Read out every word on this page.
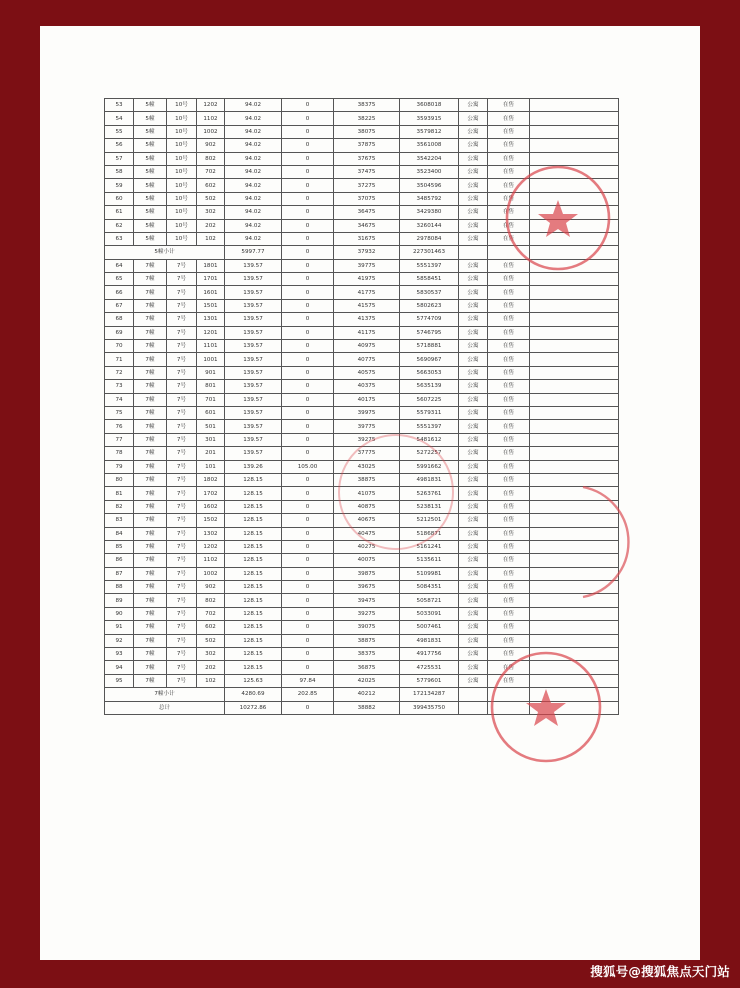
53	5幢	10号	1202	94.02	0	38375	3608018	公寓	在售	
54	5幢	10号	1102	94.02	0	38225	3593915	公寓	在售	
55	5幢	10号	1002	94.02	0	38075	3579812	公寓	在售	
56	5幢	10号	902	94.02	0	37875	3561008	公寓	在售	
57	5幢	10号	802	94.02	0	37675	3542204	公寓	在售	
58	5幢	10号	702	94.02	0	37475	3523400	公寓	在售	
59	5幢	10号	602	94.02	0	37275	3504596	公寓	在售	
60	5幢	10号	502	94.02	0	37075	3485792	公寓	在售	
61	5幢	10号	302	94.02	0	36475	3429380	公寓	在售	
62	5幢	10号	202	94.02	0	34675	3260144	公寓	在售	
63	5幢	10号	102	94.02	0	31675	2978084	公寓	在售	
5幢小计				5997.77	0	37932	227301463			
64	7幢	7号	1801	139.57	0	39775	5551397	公寓	在售	
65	7幢	7号	1701	139.57	0	41975	5858451	公寓	在售	
66	7幢	7号	1601	139.57	0	41775	5830537	公寓	在售	
67	7幢	7号	1501	139.57	0	41575	5802623	公寓	在售	
68	7幢	7号	1301	139.57	0	41375	5774709	公寓	在售	
69	7幢	7号	1201	139.57	0	41175	5746795	公寓	在售	
70	7幢	7号	1101	139.57	0	40975	5718881	公寓	在售	
71	7幢	7号	1001	139.57	0	40775	5690967	公寓	在售	
72	7幢	7号	901	139.57	0	40575	5663053	公寓	在售	
73	7幢	7号	801	139.57	0	40375	5635139	公寓	在售	
74	7幢	7号	701	139.57	0	40175	5607225	公寓	在售	
75	7幢	7号	601	139.57	0	39975	5579311	公寓	在售	
76	7幢	7号	501	139.57	0	39775	5551397	公寓	在售	
77	7幢	7号	301	139.57	0	39275	5481612	公寓	在售	
78	7幢	7号	201	139.57	0	37775	5272257	公寓	在售	
79	7幢	7号	101	139.26	105.00	43025	5991662	公寓	在售	
80	7幢	7号	1802	128.15	0	38875	4981831	公寓	在售	
81	7幢	7号	1702	128.15	0	41075	5263761	公寓	在售	
82	7幢	7号	1602	128.15	0	40875	5238131	公寓	在售	
83	7幢	7号	1502	128.15	0	40675	5212501	公寓	在售	
84	7幢	7号	1302	128.15	0	40475	5186871	公寓	在售	
85	7幢	7号	1202	128.15	0	40275	5161241	公寓	在售	
86	7幢	7号	1102	128.15	0	40075	5135611	公寓	在售	
87	7幢	7号	1002	128.15	0	39875	5109981	公寓	在售	
88	7幢	7号	902	128.15	0	39675	5084351	公寓	在售	
89	7幢	7号	802	128.15	0	39475	5058721	公寓	在售	
90	7幢	7号	702	128.15	0	39275	5033091	公寓	在售	
91	7幢	7号	602	128.15	0	39075	5007461	公寓	在售	
92	7幢	7号	502	128.15	0	38875	4981831	公寓	在售	
93	7幢	7号	302	128.15	0	38375	4917756	公寓	在售	
94	7幢	7号	202	128.15	0	36875	4725531	公寓	在售	
95	7幢	7号	102	125.63	97.84	42025	5779601	公寓	在售	
7幢小计				4280.69	202.85	40212	172134287			
总计				10272.86	0	38882	399435750			
搜狐号@搜狐焦点天门站
